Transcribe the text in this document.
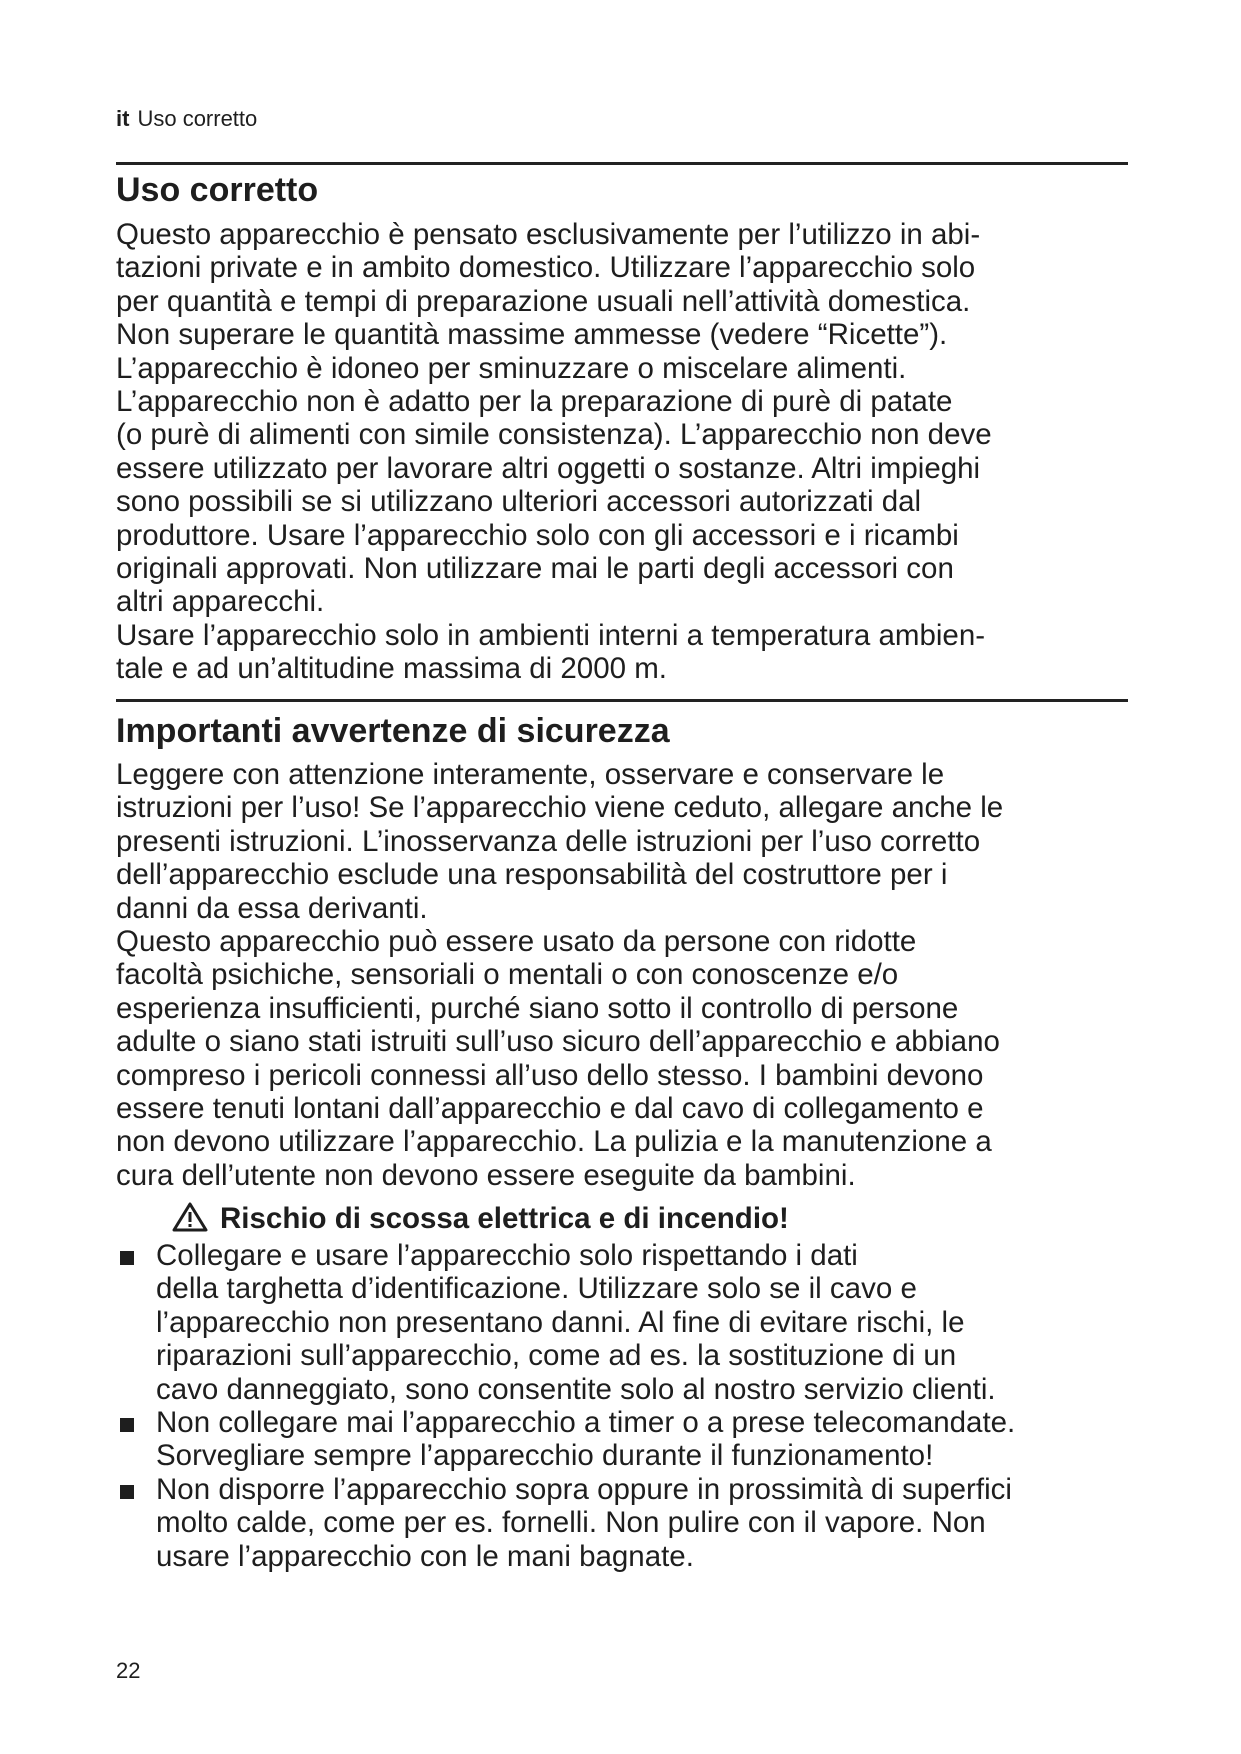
it Uso corretto
Uso corretto

Questo apparecchio è pensato esclusivamente per l’utilizzo in abi-
tazioni private e in ambito domestico. Utilizzare l’apparecchio solo
per quantità e tempi di preparazione usuali nell’attività domestica.
Non superare le quantità massime ammesse (vedere “Ricette”).
L’apparecchio è idoneo per sminuzzare o miscelare alimenti.
L’apparecchio non è adatto per la preparazione di purè di patate
(o purè di alimenti con simile consistenza). L’apparecchio non deve
essere utilizzato per lavorare altri oggetti o sostanze. Altri impieghi
sono possibili se si utilizzano ulteriori accessori autorizzati dal
produttore. Usare l’apparecchio solo con gli accessori e i ricambi
originali approvati. Non utilizzare mai le parti degli accessori con
altri apparecchi.
Usare l’apparecchio solo in ambienti interni a temperatura ambien-
tale e ad un’altitudine massima di 2000 m.

Importanti avvertenze di sicurezza

Leggere con attenzione interamente, osservare e conservare le
istruzioni per l’uso! Se l’apparecchio viene ceduto, allegare anche le
presenti istruzioni. L’inosservanza delle istruzioni per l’uso corretto
dell’apparecchio esclude una responsabilità del costruttore per i
danni da essa derivanti.
Questo apparecchio può essere usato da persone con ridotte
facoltà psichiche, sensoriali o mentali o con conoscenze e/o
esperienza insufficienti, purché siano sotto il controllo di persone
adulte o siano stati istruiti sull’uso sicuro dell’apparecchio e abbiano
compreso i pericoli connessi all’uso dello stesso. I bambini devono
essere tenuti lontani dall’apparecchio e dal cavo di collegamento e
non devono utilizzare l’apparecchio. La pulizia e la manutenzione a
cura dell’utente non devono essere eseguite da bambini.

Rischio di scossa elettrica e di incendio!
Collegare e usare l’apparecchio solo rispettando i dati
della targhetta d’identificazione. Utilizzare solo se il cavo e
l’apparecchio non presentano danni. Al fine di evitare rischi, le
riparazioni sull’apparecchio, come ad es. la sostituzione di un
cavo danneggiato, sono consentite solo al nostro servizio clienti.
Non collegare mai l’apparecchio a timer o a prese telecomandate.
Sorvegliare sempre l’apparecchio durante il funzionamento!
Non disporre l’apparecchio sopra oppure in prossimità di superfici
molto calde, come per es. fornelli. Non pulire con il vapore. Non
usare l’apparecchio con le mani bagnate.
22
